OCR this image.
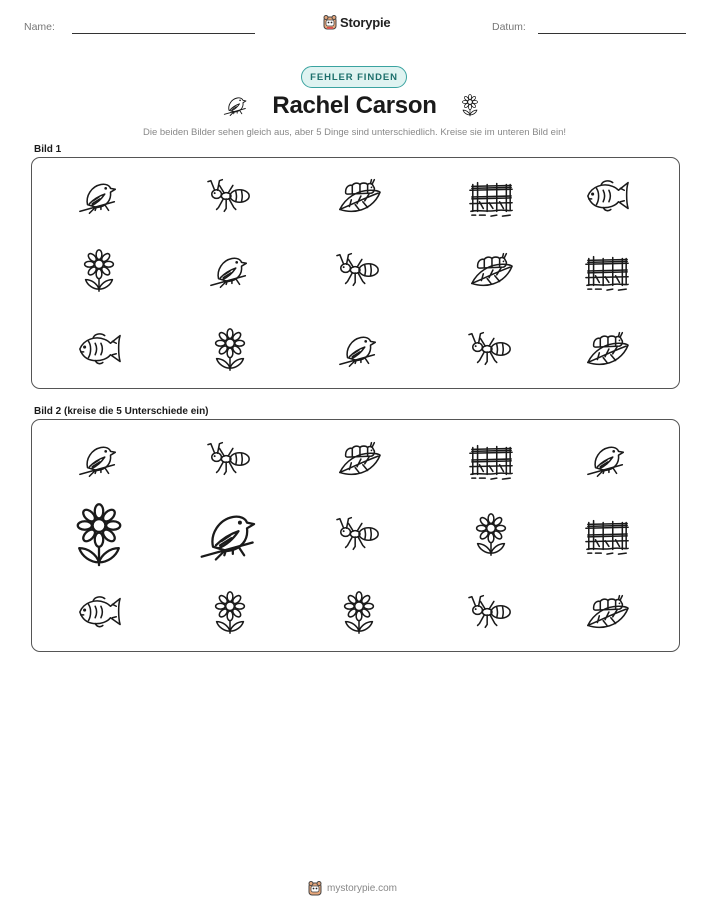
Name:	Storypie	Datum:
FEHLER FINDEN
Rachel Carson
Die beiden Bilder sehen gleich aus, aber 5 Dinge sind unterschiedlich. Kreise sie im unteren Bild ein!
Bild 1
Bild 2 (kreise die 5 Unterschiede ein)
mystorypie.com
